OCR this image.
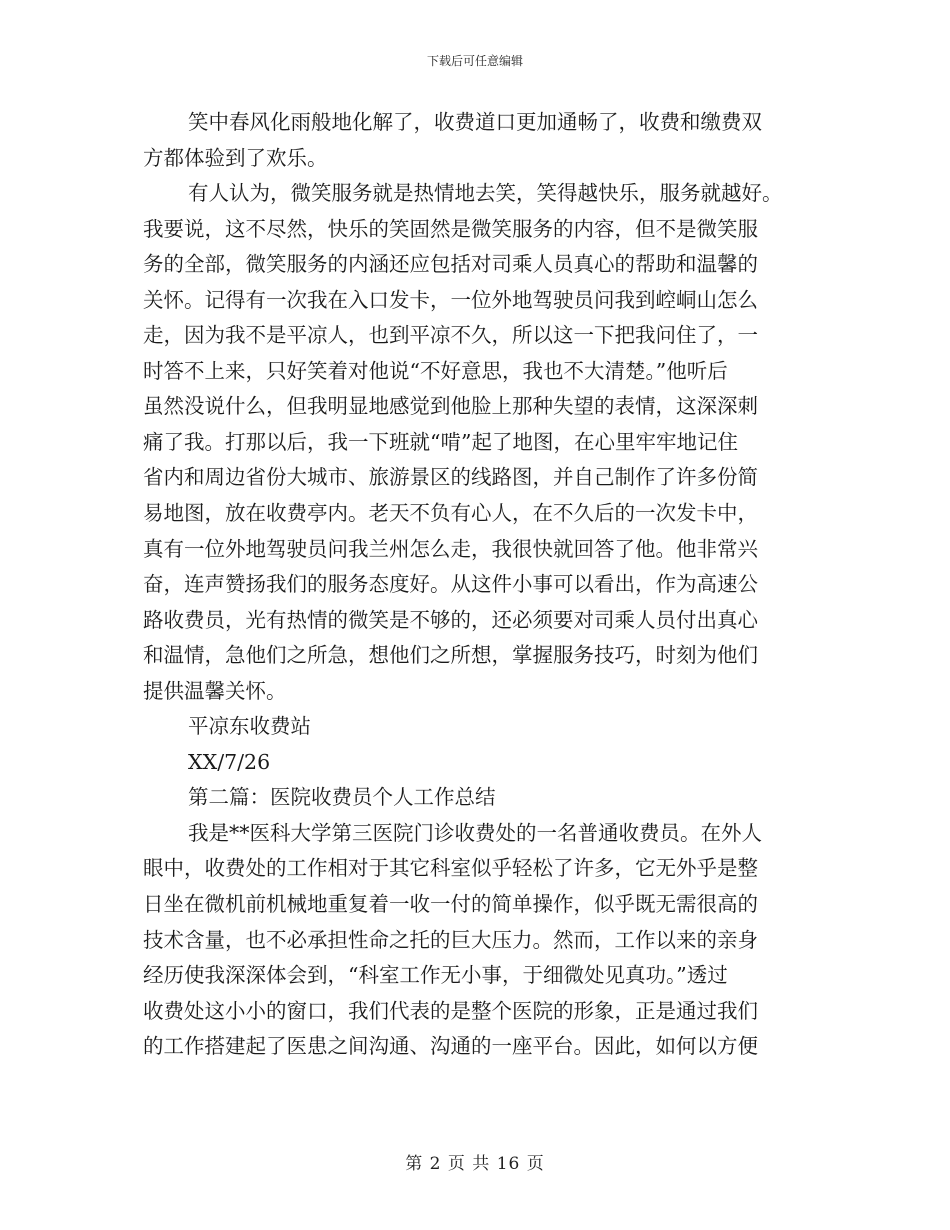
下载后可任意编辑
笑中春风化雨般地化解了，收费道口更加通畅了，收费和缴费双
方都体验到了欢乐。
有人认为，微笑服务就是热情地去笑，笑得越快乐，服务就越好。
我要说，这不尽然，快乐的笑固然是微笑服务的内容，但不是微笑服
务的全部，微笑服务的内涵还应包括对司乘人员真心的帮助和温馨的
关怀。记得有一次我在入口发卡，一位外地驾驶员问我到崆峒山怎么
走，因为我不是平凉人，也到平凉不久，所以这一下把我问住了，一
时答不上来，只好笑着对他说“不好意思，我也不大清楚。”他听后
虽然没说什么，但我明显地感觉到他脸上那种失望的表情，这深深刺
痛了我。打那以后，我一下班就“啃”起了地图，在心里牢牢地记住
省内和周边省份大城市、旅游景区的线路图，并自己制作了许多份简
易地图，放在收费亭内。老天不负有心人，在不久后的一次发卡中，
真有一位外地驾驶员问我兰州怎么走，我很快就回答了他。他非常兴
奋，连声赞扬我们的服务态度好。从这件小事可以看出，作为高速公
路收费员，光有热情的微笑是不够的，还必须要对司乘人员付出真心
和温情，急他们之所急，想他们之所想，掌握服务技巧，时刻为他们
提供温馨关怀。
平凉东收费站
XX/7/26
第二篇：医院收费员个人工作总结
我是**医科大学第三医院门诊收费处的一名普通收费员。在外人
眼中，收费处的工作相对于其它科室似乎轻松了许多，它无外乎是整
日坐在微机前机械地重复着一收一付的简单操作，似乎既无需很高的
技术含量，也不必承担性命之托的巨大压力。然而，工作以来的亲身
经历使我深深体会到，“科室工作无小事，于细微处见真功。”透过
收费处这小小的窗口，我们代表的是整个医院的形象，正是通过我们
的工作搭建起了医患之间沟通、沟通的一座平台。因此，如何以方便
第 2 页 共 16 页
